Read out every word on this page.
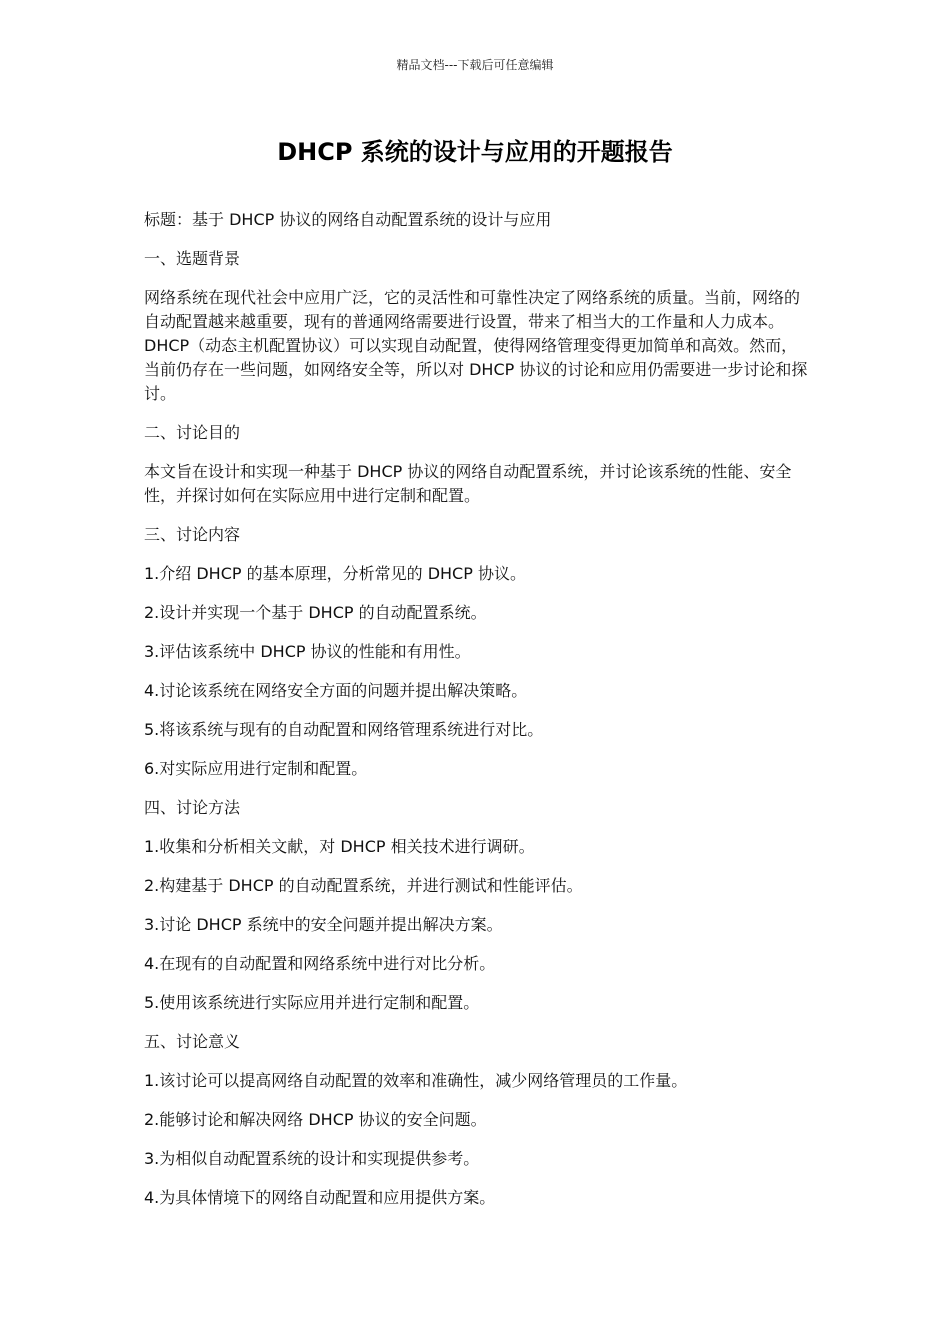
精品文档---下载后可任意编辑
DHCP 系统的设计与应用的开题报告

标题：基于 DHCP 协议的网络自动配置系统的设计与应用

一、选题背景

网络系统在现代社会中应用广泛，它的灵活性和可靠性决定了网络系统的质量。当前，网络的自动配置越来越重要，现有的普通网络需要进行设置，带来了相当大的工作量和人力成本。DHCP（动态主机配置协议）可以实现自动配置，使得网络管理变得更加简单和高效。然而，当前仍存在一些问题，如网络安全等，所以对 DHCP 协议的讨论和应用仍需要进一步讨论和探讨。

二、讨论目的

本文旨在设计和实现一种基于 DHCP 协议的网络自动配置系统，并讨论该系统的性能、安全性，并探讨如何在实际应用中进行定制和配置。

三、讨论内容

1.介绍 DHCP 的基本原理，分析常见的 DHCP 协议。

2.设计并实现一个基于 DHCP 的自动配置系统。

3.评估该系统中 DHCP 协议的性能和有用性。

4.讨论该系统在网络安全方面的问题并提出解决策略。

5.将该系统与现有的自动配置和网络管理系统进行对比。

6.对实际应用进行定制和配置。

四、讨论方法

1.收集和分析相关文献，对 DHCP 相关技术进行调研。

2.构建基于 DHCP 的自动配置系统，并进行测试和性能评估。

3.讨论 DHCP 系统中的安全问题并提出解决方案。

4.在现有的自动配置和网络系统中进行对比分析。

5.使用该系统进行实际应用并进行定制和配置。

五、讨论意义

1.该讨论可以提高网络自动配置的效率和准确性，减少网络管理员的工作量。

2.能够讨论和解决网络 DHCP 协议的安全问题。

3.为相似自动配置系统的设计和实现提供参考。

4.为具体情境下的网络自动配置和应用提供方案。
